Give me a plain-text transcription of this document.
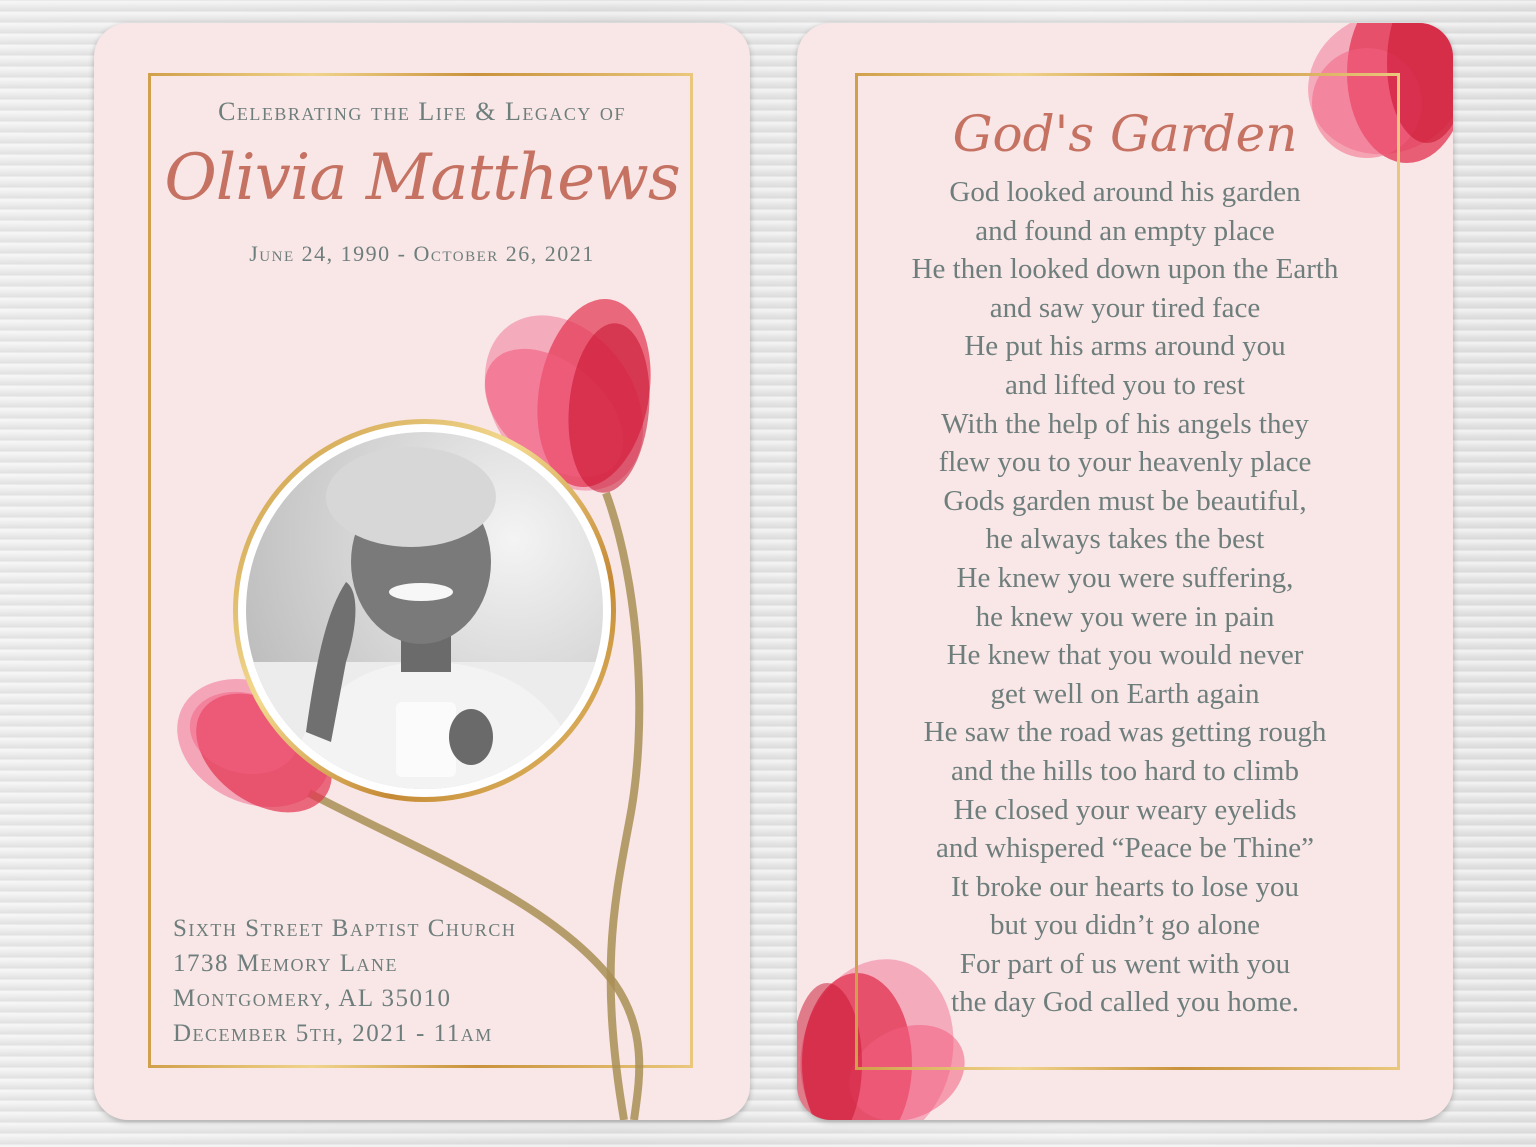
Celebrating the Life & Legacy of
Olivia Matthews
June 24, 1990 - October 26, 2021
Sixth Street Baptist Church
1738 Memory Lane
Montgomery, AL 35010
December 5th, 2021 - 11am
God's Garden
God looked around his garden
and found an empty place
He then looked down upon the Earth
and saw your tired face
He put his arms around you
and lifted you to rest
With the help of his angels they
flew you to your heavenly place
Gods garden must be beautiful,
he always takes the best
He knew you were suffering,
he knew you were in pain
He knew that you would never
get well on Earth again
He saw the road was getting rough
and the hills too hard to climb
He closed your weary eyelids
and whispered “Peace be Thine”
It broke our hearts to lose you
but you didn’t go alone
For part of us went with you
the day God called you home.
